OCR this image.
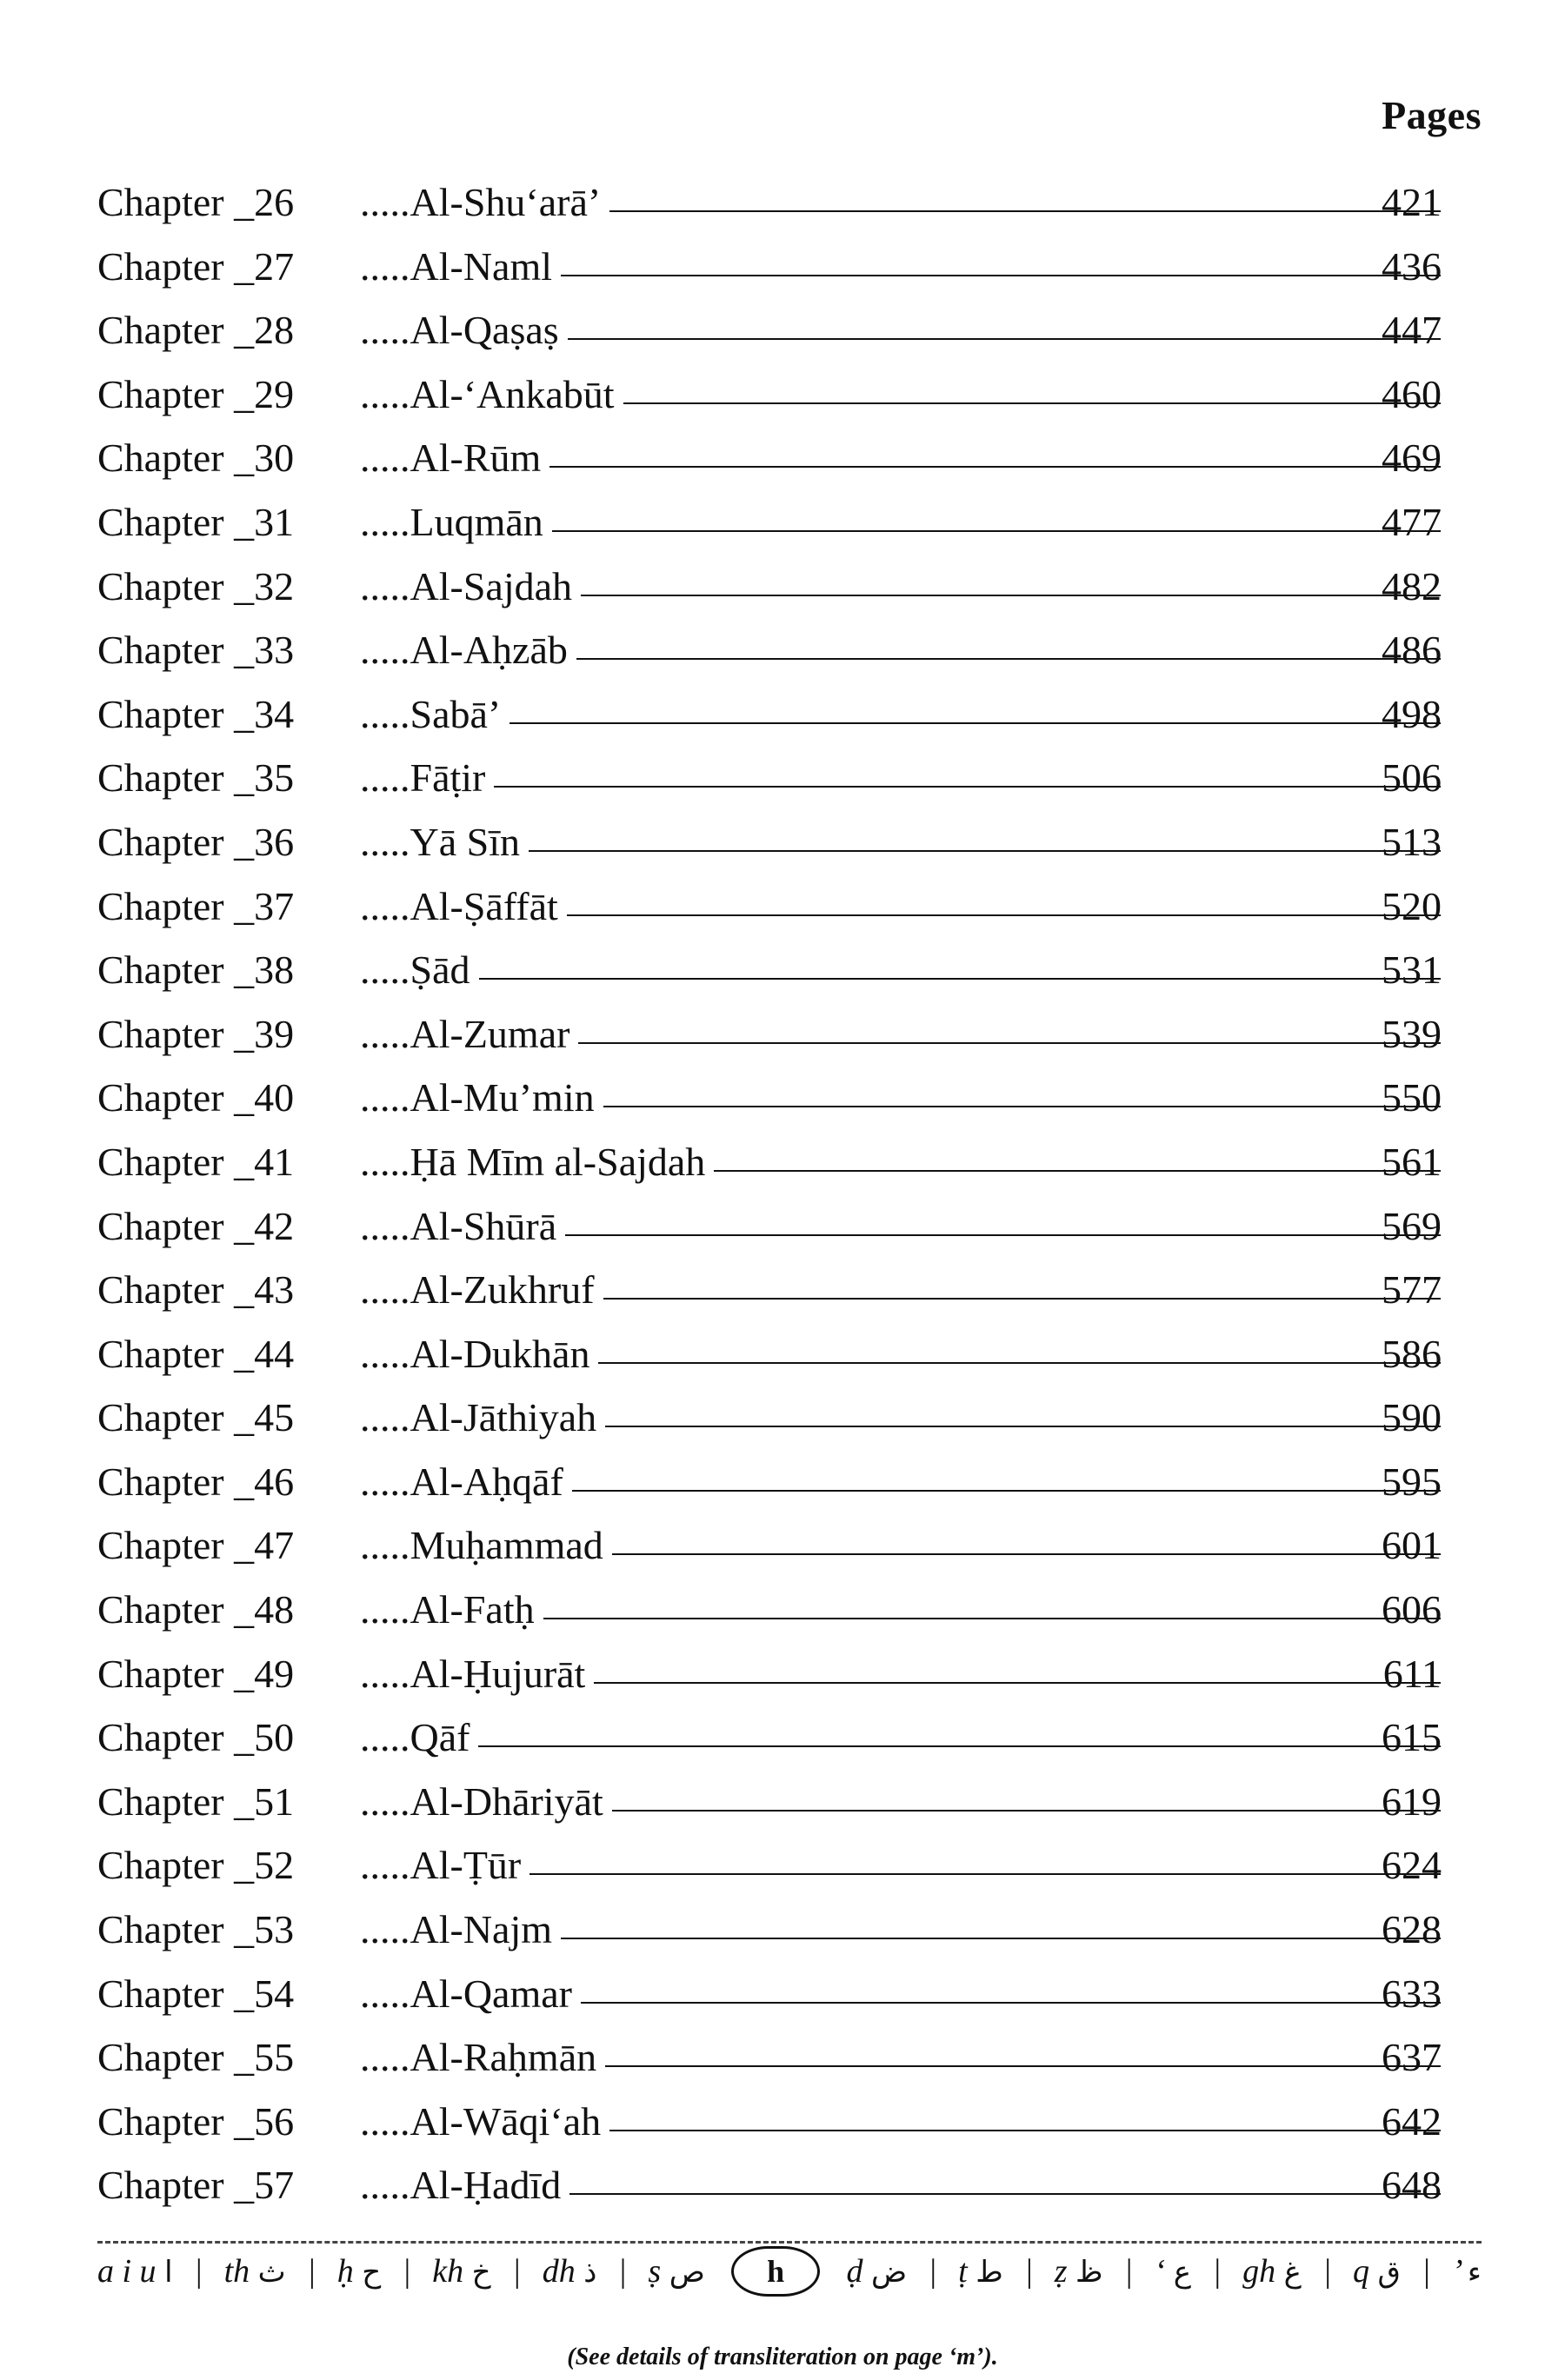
Pages
Chapter _26 ..... Al-Shu‘arā’	421
Chapter _27 ..... Al-Naml	436
Chapter _28 ..... Al-Qaṣaṣ	447
Chapter _29 ..... Al-‘Ankabūt	460
Chapter _30 ..... Al-Rūm	469
Chapter _31 ..... Luqmān	477
Chapter _32 ..... Al-Sajdah	482
Chapter _33 ..... Al-Aḥzāb	486
Chapter _34 ..... Sabā’	498
Chapter _35 ..... Fāṭir	506
Chapter _36 ..... Yā Sīn	513
Chapter _37 ..... Al-Ṣāffāt	520
Chapter _38 ..... Ṣād	531
Chapter _39 ..... Al-Zumar	539
Chapter _40 ..... Al-Mu’min	550
Chapter _41 ..... Ḥā Mīm al-Sajdah	561
Chapter _42 ..... Al-Shūrā	569
Chapter _43 ..... Al-Zukhruf	577
Chapter _44 ..... Al-Dukhān	586
Chapter _45 ..... Al-Jāthiyah	590
Chapter _46 ..... Al-Aḥqāf	595
Chapter _47 ..... Muḥammad	601
Chapter _48 ..... Al-Fatḥ	606
Chapter _49 ..... Al-Ḥujurāt	611
Chapter _50 ..... Qāf	615
Chapter _51 ..... Al-Dhāriyāt	619
Chapter _52 ..... Al-Ṭūr	624
Chapter _53 ..... Al-Najm	628
Chapter _54 ..... Al-Qamar	633
Chapter _55 ..... Al-Raḥmān	637
Chapter _56 ..... Al-Wāqi‘ah	642
Chapter _57 ..... Al-Ḥadīd	648
a i u ا | th ث | ḥ ح | kh خ | dh ذ | ṣ ص	h	ḍ ض | ṭ ط | ẓ ظ | ‘ ع | gh غ | q ق | ’ ء
(See details of transliteration on page ‘m’).
